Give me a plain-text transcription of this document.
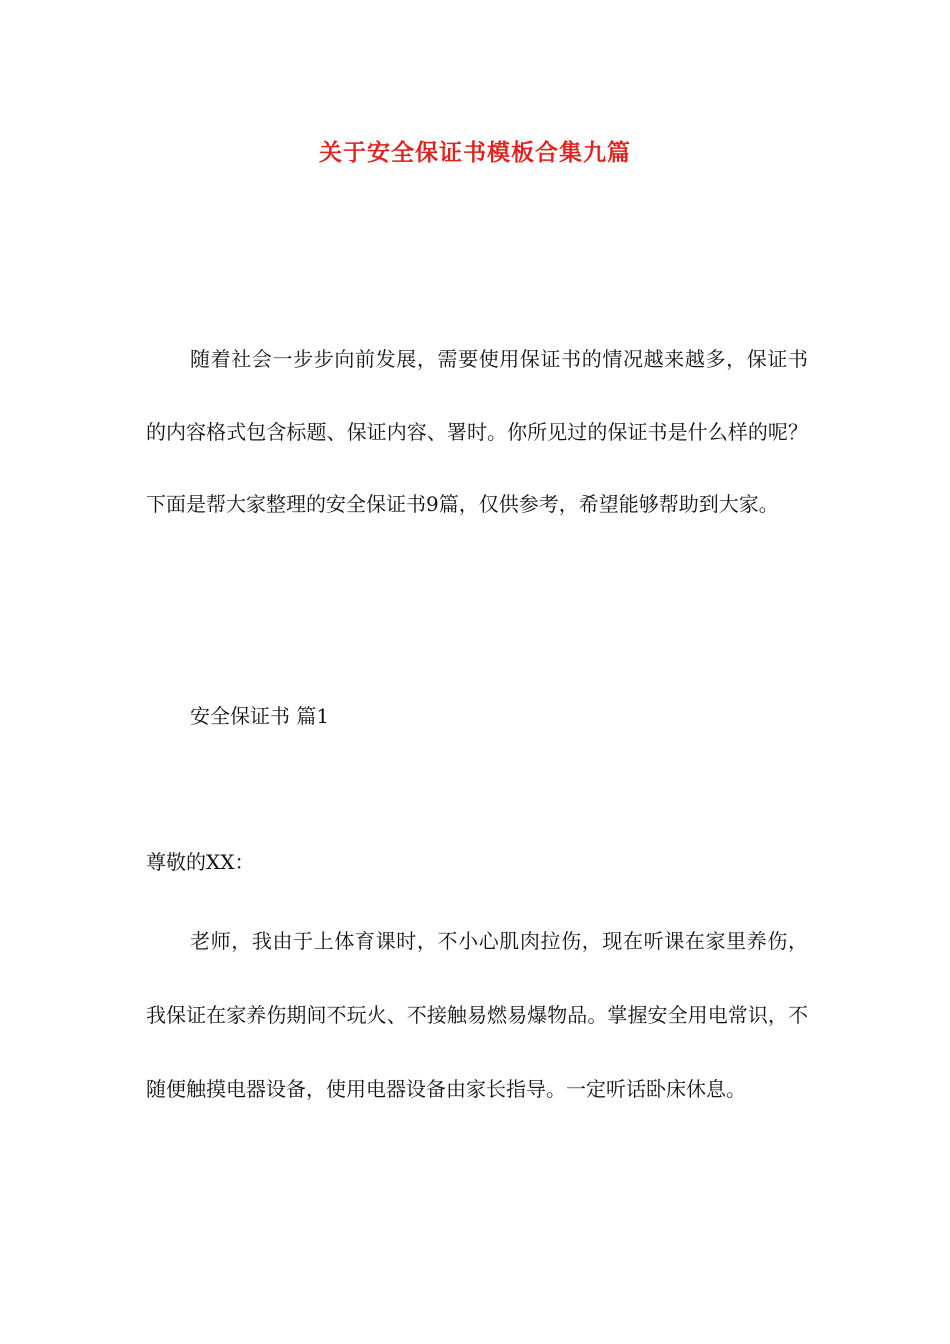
关于安全保证书模板合集九篇
随着社会一步步向前发展，需要使用保证书的情况越来越多，保证书的内容格式包含标题、保证内容、署时。你所见过的保证书是什么样的呢？下面是帮大家整理的安全保证书9篇，仅供参考，希望能够帮助到大家。
安全保证书 篇1
尊敬的XX：
老师，我由于上体育课时，不小心肌肉拉伤，现在听课在家里养伤，我保证在家养伤期间不玩火、不接触易燃易爆物品。掌握安全用电常识，不随便触摸电器设备，使用电器设备由家长指导。一定听话卧床休息。
